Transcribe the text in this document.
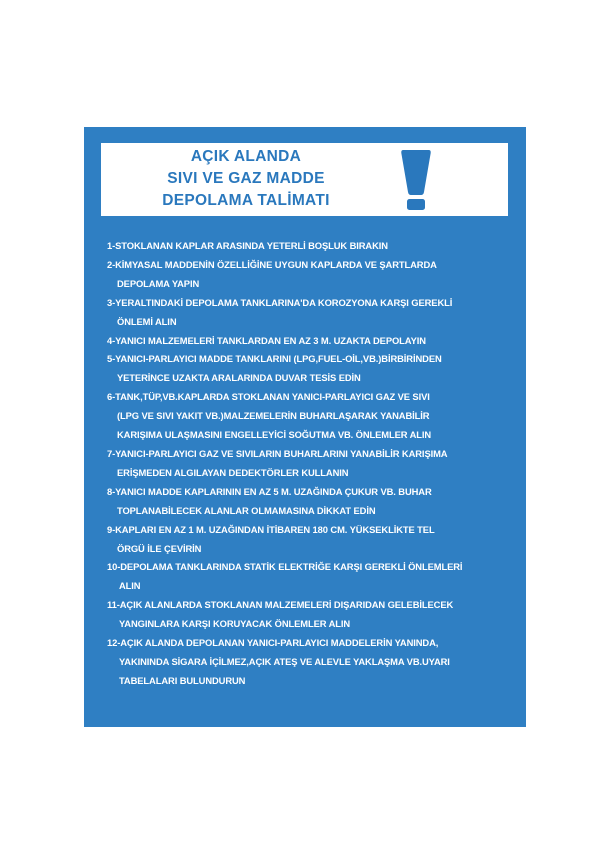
AÇIK ALANDA
SIVI VE GAZ MADDE
DEPOLAMA TALİMATI
1-STOKLANAN KAPLAR ARASINDA YETERLİ BOŞLUK BIRAKIN
2-KİMYASAL MADDENİN ÖZELLİĞİNE UYGUN KAPLARDA VE ŞARTLARDA
DEPOLAMA YAPIN
3-YERALTINDAKİ DEPOLAMA TANKLARINA'DA KOROZYONA KARŞI GEREKLİ
ÖNLEMİ ALIN
4-YANICI MALZEMELERİ TANKLARDAN EN AZ 3 M. UZAKTA DEPOLAYIN
5-YANICI-PARLAYICI MADDE TANKLARINI (LPG,FUEL-OİL,VB.)BİRBİRİNDEN
YETERİNCE UZAKTA ARALARINDA DUVAR TESİS EDİN
6-TANK,TÜP,VB.KAPLARDA STOKLANAN YANICI-PARLAYICI GAZ VE SIVI
(LPG VE SIVI YAKIT VB.)MALZEMELERİN BUHARLAŞARAK YANABİLİR
KARIŞIMA ULAŞMASINI ENGELLEYİCİ SOĞUTMA VB. ÖNLEMLER ALIN
7-YANICI-PARLAYICI GAZ VE SIVILARIN BUHARLARINI YANABİLİR KARIŞIMA
ERİŞMEDEN ALGILAYAN DEDEKTÖRLER KULLANIN
8-YANICI MADDE KAPLARININ EN AZ 5 M. UZAĞINDA ÇUKUR VB. BUHAR
TOPLANABİLECEK ALANLAR OLMAMASINA DİKKAT EDİN
9-KAPLARI EN AZ 1 M. UZAĞINDAN İTİBAREN 180 CM. YÜKSEKLİKTE TEL
ÖRGÜ İLE ÇEVİRİN
10-DEPOLAMA TANKLARINDA STATİK ELEKTRİĞE KARŞI GEREKLİ ÖNLEMLERİ
ALIN
11-AÇIK ALANLARDA STOKLANAN MALZEMELERİ DIŞARIDAN GELEBİLECEK
YANGINLARA KARŞI KORUYACAK ÖNLEMLER ALIN
12-AÇIK ALANDA DEPOLANAN YANICI-PARLAYICI MADDELERİN YANINDA,
YAKININDA SİGARA İÇİLMEZ,AÇIK ATEŞ VE ALEVLE YAKLAŞMA VB.UYARI
TABELALARI BULUNDURUN
